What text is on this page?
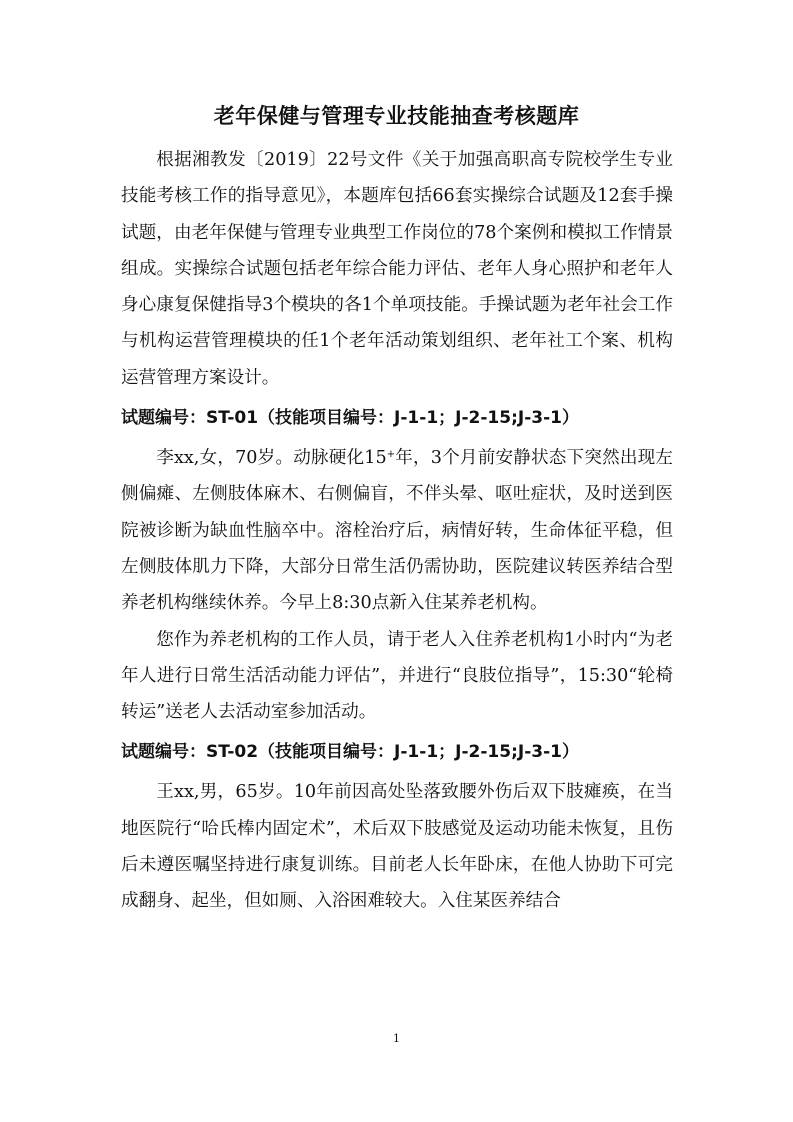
老年保健与管理专业技能抽查考核题库

根据湘教发〔2019〕22号文件《关于加强高职高专院校学生专业技能考核工作的指导意见》，本题库包括66套实操综合试题及12套手操试题，由老年保健与管理专业典型工作岗位的78个案例和模拟工作情景组成。实操综合试题包括老年综合能力评估、老年人身心照护和老年人身心康复保健指导3个模块的各1个单项技能。手操试题为老年社会工作与机构运营管理模块的任1个老年活动策划组织、老年社工个案、机构运营管理方案设计。

试题编号：ST-01（技能项目编号：J-1-1；J-2-15;J-3-1）

李xx,女，70岁。动脉硬化15+年，3个月前安静状态下突然出现左侧偏瘫、左侧肢体麻木、右侧偏盲，不伴头晕、呕吐症状，及时送到医院被诊断为缺血性脑卒中。溶栓治疗后，病情好转，生命体征平稳，但左侧肢体肌力下降，大部分日常生活仍需协助，医院建议转医养结合型养老机构继续休养。今早上8:30点新入住某养老机构。

您作为养老机构的工作人员，请于老人入住养老机构1小时内“为老年人进行日常生活活动能力评估”，并进行“良肢位指导”，15:30“轮椅转运”送老人去活动室参加活动。

试题编号：ST-02（技能项目编号：J-1-1；J-2-15;J-3-1）

王xx,男，65岁。10年前因高处坠落致腰外伤后双下肢瘫痪，在当地医院行“哈氏棒内固定术”，术后双下肢感觉及运动功能未恢复，且伤后未遵医嘱坚持进行康复训练。目前老人长年卧床，在他人协助下可完成翻身、起坐，但如厕、入浴困难较大。入住某医养结合

1
